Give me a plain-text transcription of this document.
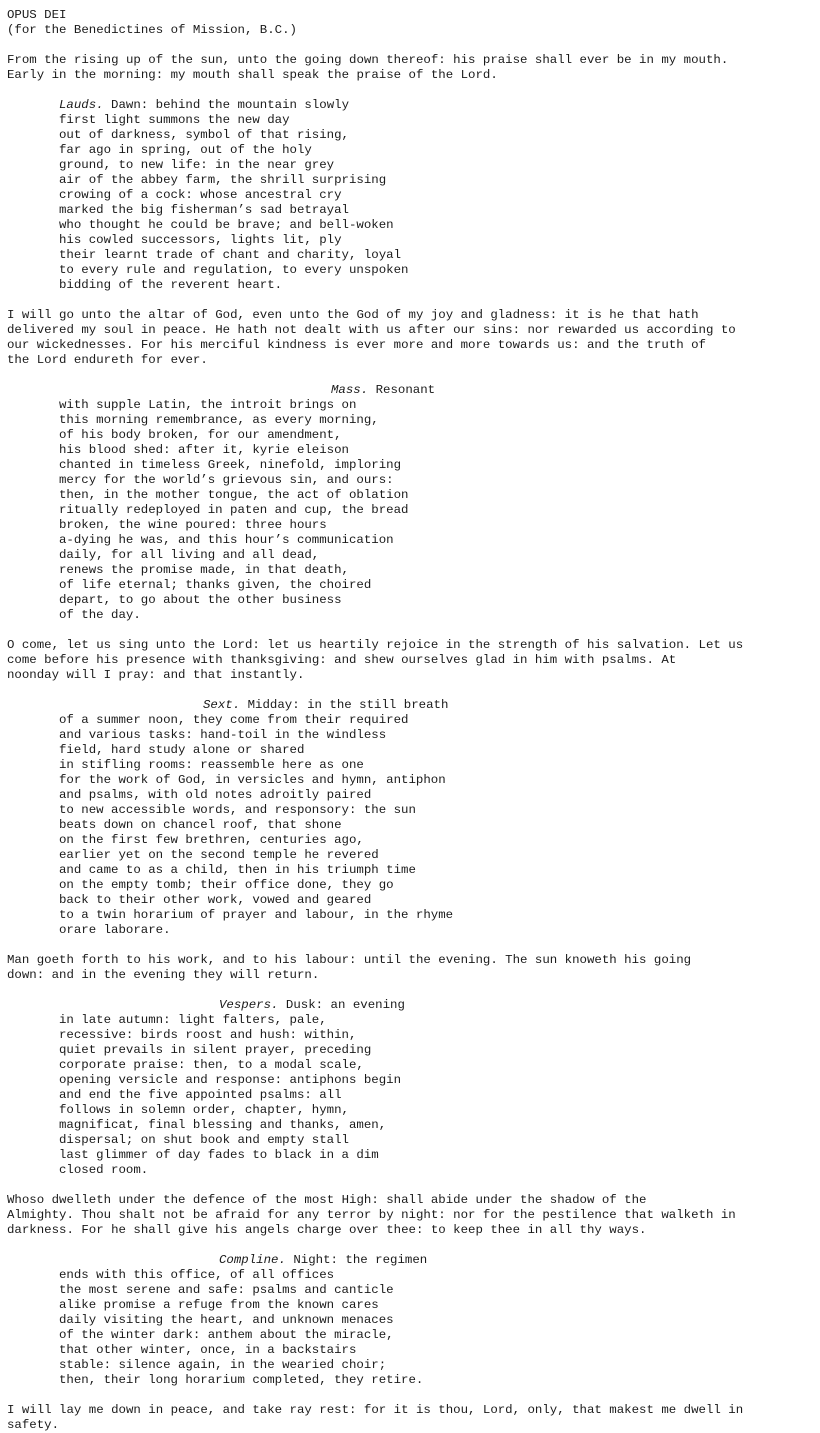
OPUS DEI
(for the Benedictines of Mission, B.C.)
From the rising up of the sun, unto the going down thereof: his praise shall ever be in my mouth.
Early in the morning: my mouth shall speak the praise of the Lord.
Lauds. Dawn: behind the mountain slowly
first light summons the new day
out of darkness, symbol of that rising,
far ago in spring, out of the holy
ground, to new life: in the near grey
air of the abbey farm, the shrill surprising
crowing of a cock: whose ancestral cry
marked the big fisherman’s sad betrayal
who thought he could be brave; and bell-woken
his cowled successors, lights lit, ply
their learnt trade of chant and charity, loyal
to every rule and regulation, to every unspoken
bidding of the reverent heart.
I will go unto the altar of God, even unto the God of my joy and gladness: it is he that hath
delivered my soul in peace. He hath not dealt with us after our sins: nor rewarded us according to
our wickednesses. For his merciful kindness is ever more and more towards us: and the truth of
the Lord endureth for ever.
Mass. Resonant
with supple Latin, the introit brings on
this morning remembrance, as every morning,
of his body broken, for our amendment,
his blood shed: after it, kyrie eleison
chanted in timeless Greek, ninefold, imploring
mercy for the world’s grievous sin, and ours:
then, in the mother tongue, the act of oblation
ritually redeployed in paten and cup, the bread
broken, the wine poured: three hours
a-dying he was, and this hour’s communication
daily, for all living and all dead,
renews the promise made, in that death,
of life eternal; thanks given, the choired
depart, to go about the other business
of the day.
O come, let us sing unto the Lord: let us heartily rejoice in the strength of his salvation. Let us
come before his presence with thanksgiving: and shew ourselves glad in him with psalms. At
noonday will I pray: and that instantly.
Sext. Midday: in the still breath
of a summer noon, they come from their required
and various tasks: hand-toil in the windless
field, hard study alone or shared
in stifling rooms: reassemble here as one
for the work of God, in versicles and hymn, antiphon
and psalms, with old notes adroitly paired
to new accessible words, and responsory: the sun
beats down on chancel roof, that shone
on the first few brethren, centuries ago,
earlier yet on the second temple he revered
and came to as a child, then in his triumph time
on the empty tomb; their office done, they go
back to their other work, vowed and geared
to a twin horarium of prayer and labour, in the rhyme
orare laborare.
Man goeth forth to his work, and to his labour: until the evening. The sun knoweth his going
down: and in the evening they will return.
Vespers. Dusk: an evening
in late autumn: light falters, pale,
recessive: birds roost and hush: within,
quiet prevails in silent prayer, preceding
corporate praise: then, to a modal scale,
opening versicle and response: antiphons begin
and end the five appointed psalms: all
follows in solemn order, chapter, hymn,
magnificat, final blessing and thanks, amen,
dispersal; on shut book and empty stall
last glimmer of day fades to black in a dim
closed room.
Whoso dwelleth under the defence of the most High: shall abide under the shadow of the
Almighty. Thou shalt not be afraid for any terror by night: nor for the pestilence that walketh in
darkness. For he shall give his angels charge over thee: to keep thee in all thy ways.
Compline. Night: the regimen
ends with this office, of all offices
the most serene and safe: psalms and canticle
alike promise a refuge from the known cares
daily visiting the heart, and unknown menaces
of the winter dark: anthem about the miracle,
that other winter, once, in a backstairs
stable: silence again, in the wearied choir;
then, their long horarium completed, they retire.
I will lay me down in peace, and take ray rest: for it is thou, Lord, only, that makest me dwell in
safety.
